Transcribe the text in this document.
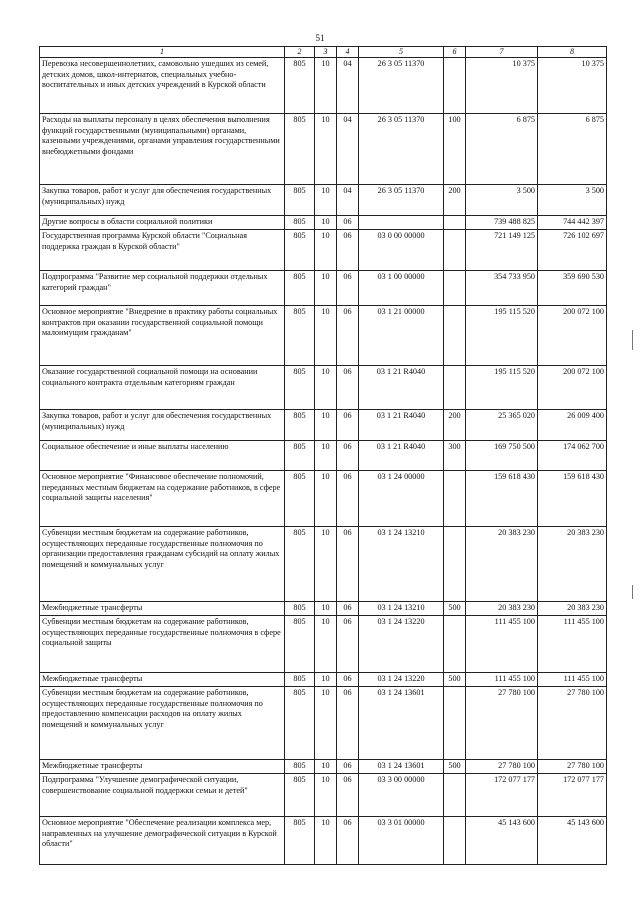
51
1	2	3	4	5	6	7	8
Перевозка несовершеннолетних, самовольно ушедших из семей, детских домов, школ-интернатов, специальных учебно-воспитательных и иных детских учреждений в Курской области	805	10	04	26 3 05 11370		10 375	10 375
Расходы на выплаты персоналу в целях обеспечения выполнения функций государственными (муниципальными) органами, казенными учреждениями, органами управления государственными внебюджетными фондами	805	10	04	26 3 05 11370	100	6 875	6 875
Закупка товаров, работ и услуг для обеспечения государственных (муниципальных) нужд	805	10	04	26 3 05 11370	200	3 500	3 500
Другие вопросы в области социальной политики	805	10	06			739 488 825	744 442 397
Государственная программа Курской области "Социальная поддержка граждан в Курской области"	805	10	06	03 0 00 00000		721 149 125	726 102 697
Подпрограмма "Развитие мер социальной поддержки отдельных категорий граждан"	805	10	06	03 1 00 00000		354 733 950	359 690 530
Основное мероприятие "Внедрение в практику работы социальных контрактов при оказании государственной социальной помощи малоимущим гражданам"	805	10	06	03 1 21 00000		195 115 520	200 072 100
Оказание государственной социальной помощи на основании социального контракта отдельным категориям граждан	805	10	06	03 1 21 R4040		195 115 520	200 072 100
Закупка товаров, работ и услуг для обеспечения государственных (муниципальных) нужд	805	10	06	03 1 21 R4040	200	25 365 020	26 009 400
Социальное обеспечение и иные выплаты населению	805	10	06	03 1 21 R4040	300	169 750 500	174 062 700
Основное мероприятие "Финансовое обеспечение полномочий, переданных местным бюджетам на содержание работников, в сфере социальной защиты населения"	805	10	06	03 1 24 00000		159 618 430	159 618 430
Субвенции местным бюджетам на содержание работников, осуществляющих переданные государственные полномочия по организации предоставления гражданам субсидий на оплату жилых помещений и коммунальных услуг	805	10	06	03 1 24 13210		20 383 230	20 383 230
Межбюджетные трансферты	805	10	06	03 1 24 13210	500	20 383 230	20 383 230
Субвенции местным бюджетам на содержание работников, осуществляющих переданные государственные полномочия в сфере социальной защиты	805	10	06	03 1 24 13220		111 455 100	111 455 100
Межбюджетные трансферты	805	10	06	03 1 24 13220	500	111 455 100	111 455 100
Субвенции местным бюджетам на содержание работников, осуществляющих переданные государственные полномочия по предоставлению компенсации расходов на оплату жилых помещений и коммунальных услуг	805	10	06	03 1 24 13601		27 780 100	27 780 100
Межбюджетные трансферты	805	10	06	03 1 24 13601	500	27 780 100	27 780 100
Подпрограмма "Улучшение демографической ситуации, совершенствование социальной поддержки семьи и детей"	805	10	06	03 3 00 00000		172 077 177	172 077 177
Основное мероприятие "Обеспечение реализации комплекса мер, направленных на улучшение демографической ситуации в Курской области"	805	10	06	03 3 01 00000		45 143 600	45 143 600
